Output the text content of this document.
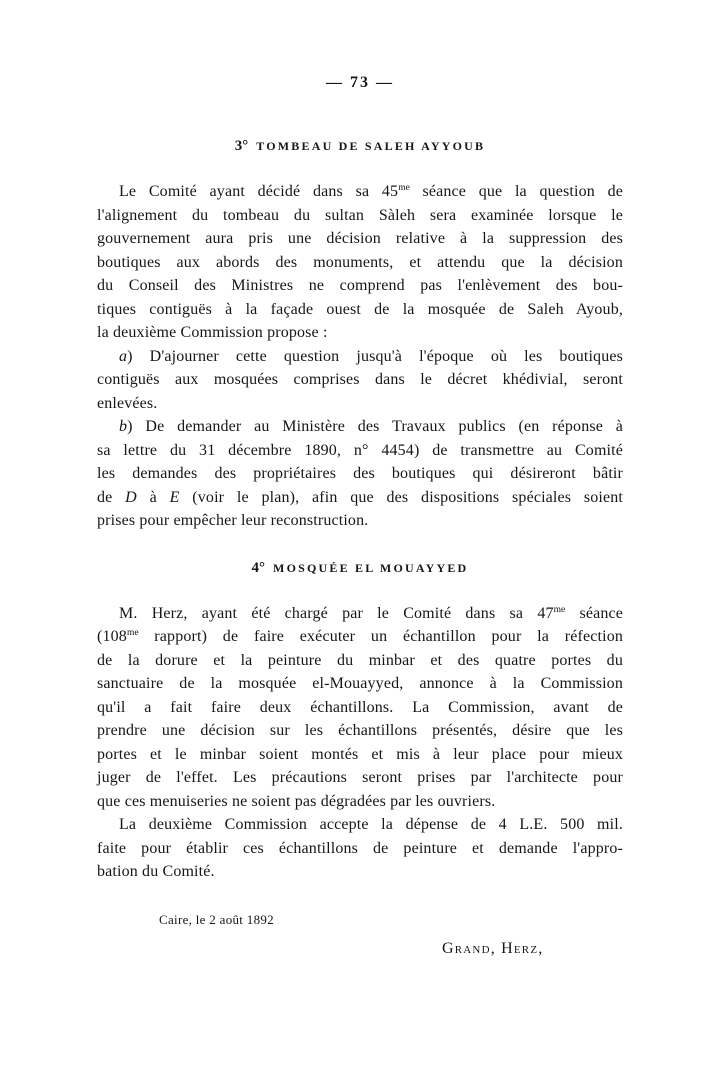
— 73 —
3° TOMBEAU DE SALEH AYYOUB
Le Comité ayant décidé dans sa $45^{me}$ séance que la question de
l'alignement du tombeau du sultan Sàleh sera examinée lorsque le
gouvernement aura pris une décision relative à la suppression des
boutiques aux abords des monuments, et attendu que la décision
du Conseil des Ministres ne comprend pas l'enlèvement des bou-
tiques contiguës à la façade ouest de la mosquée de Saleh Ayoub,
la deuxième Commission propose :
a) D'ajourner cette question jusqu'à l'époque où les boutiques
contiguës aux mosquées comprises dans le décret khédivial, seront
enlevées.
b) De demander au Ministère des Travaux publics (en réponse à
sa lettre du 31 décembre 1890, n° 4454) de transmettre au Comité
les demandes des propriétaires des boutiques qui désireront bâtir
de D à E (voir le plan), afin que des dispositions spéciales soient
prises pour empêcher leur reconstruction.
4° MOSQUÉE EL MOUAYYED
M. Herz, ayant été chargé par le Comité dans sa $47^{me}$ séance
($108^{me}$ rapport) de faire exécuter un échantillon pour la réfection
de la dorure et la peinture du minbar et des quatre portes du
sanctuaire de la mosquée el-Mouayyed, annonce à la Commission
qu'il a fait faire deux échantillons. La Commission, avant de
prendre une décision sur les échantillons présentés, désire que les
portes et le minbar soient montés et mis à leur place pour mieux
juger de l'effet. Les précautions seront prises par l'architecte pour
que ces menuiseries ne soient pas dégradées par les ouvriers.
La deuxième Commission accepte la dépense de 4 L.E. 500 mil.
faite pour établir ces échantillons de peinture et demande l'appro-
bation du Comité.
Caire, le 2 août 1892
Grand, Herz,
